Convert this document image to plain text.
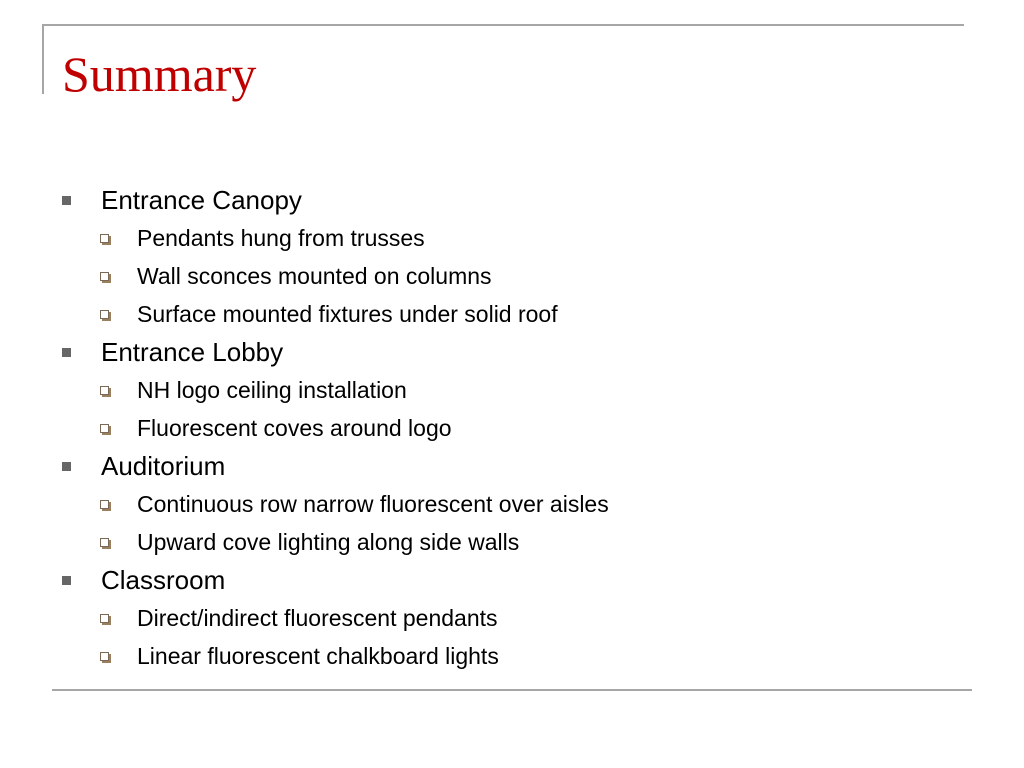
Summary
Entrance Canopy
Pendants hung from trusses
Wall sconces mounted on columns
Surface mounted fixtures under solid roof
Entrance Lobby
NH logo ceiling installation
Fluorescent coves around logo
Auditorium
Continuous row narrow fluorescent over aisles
Upward cove lighting along side walls
Classroom
Direct/indirect fluorescent pendants
Linear fluorescent chalkboard lights
